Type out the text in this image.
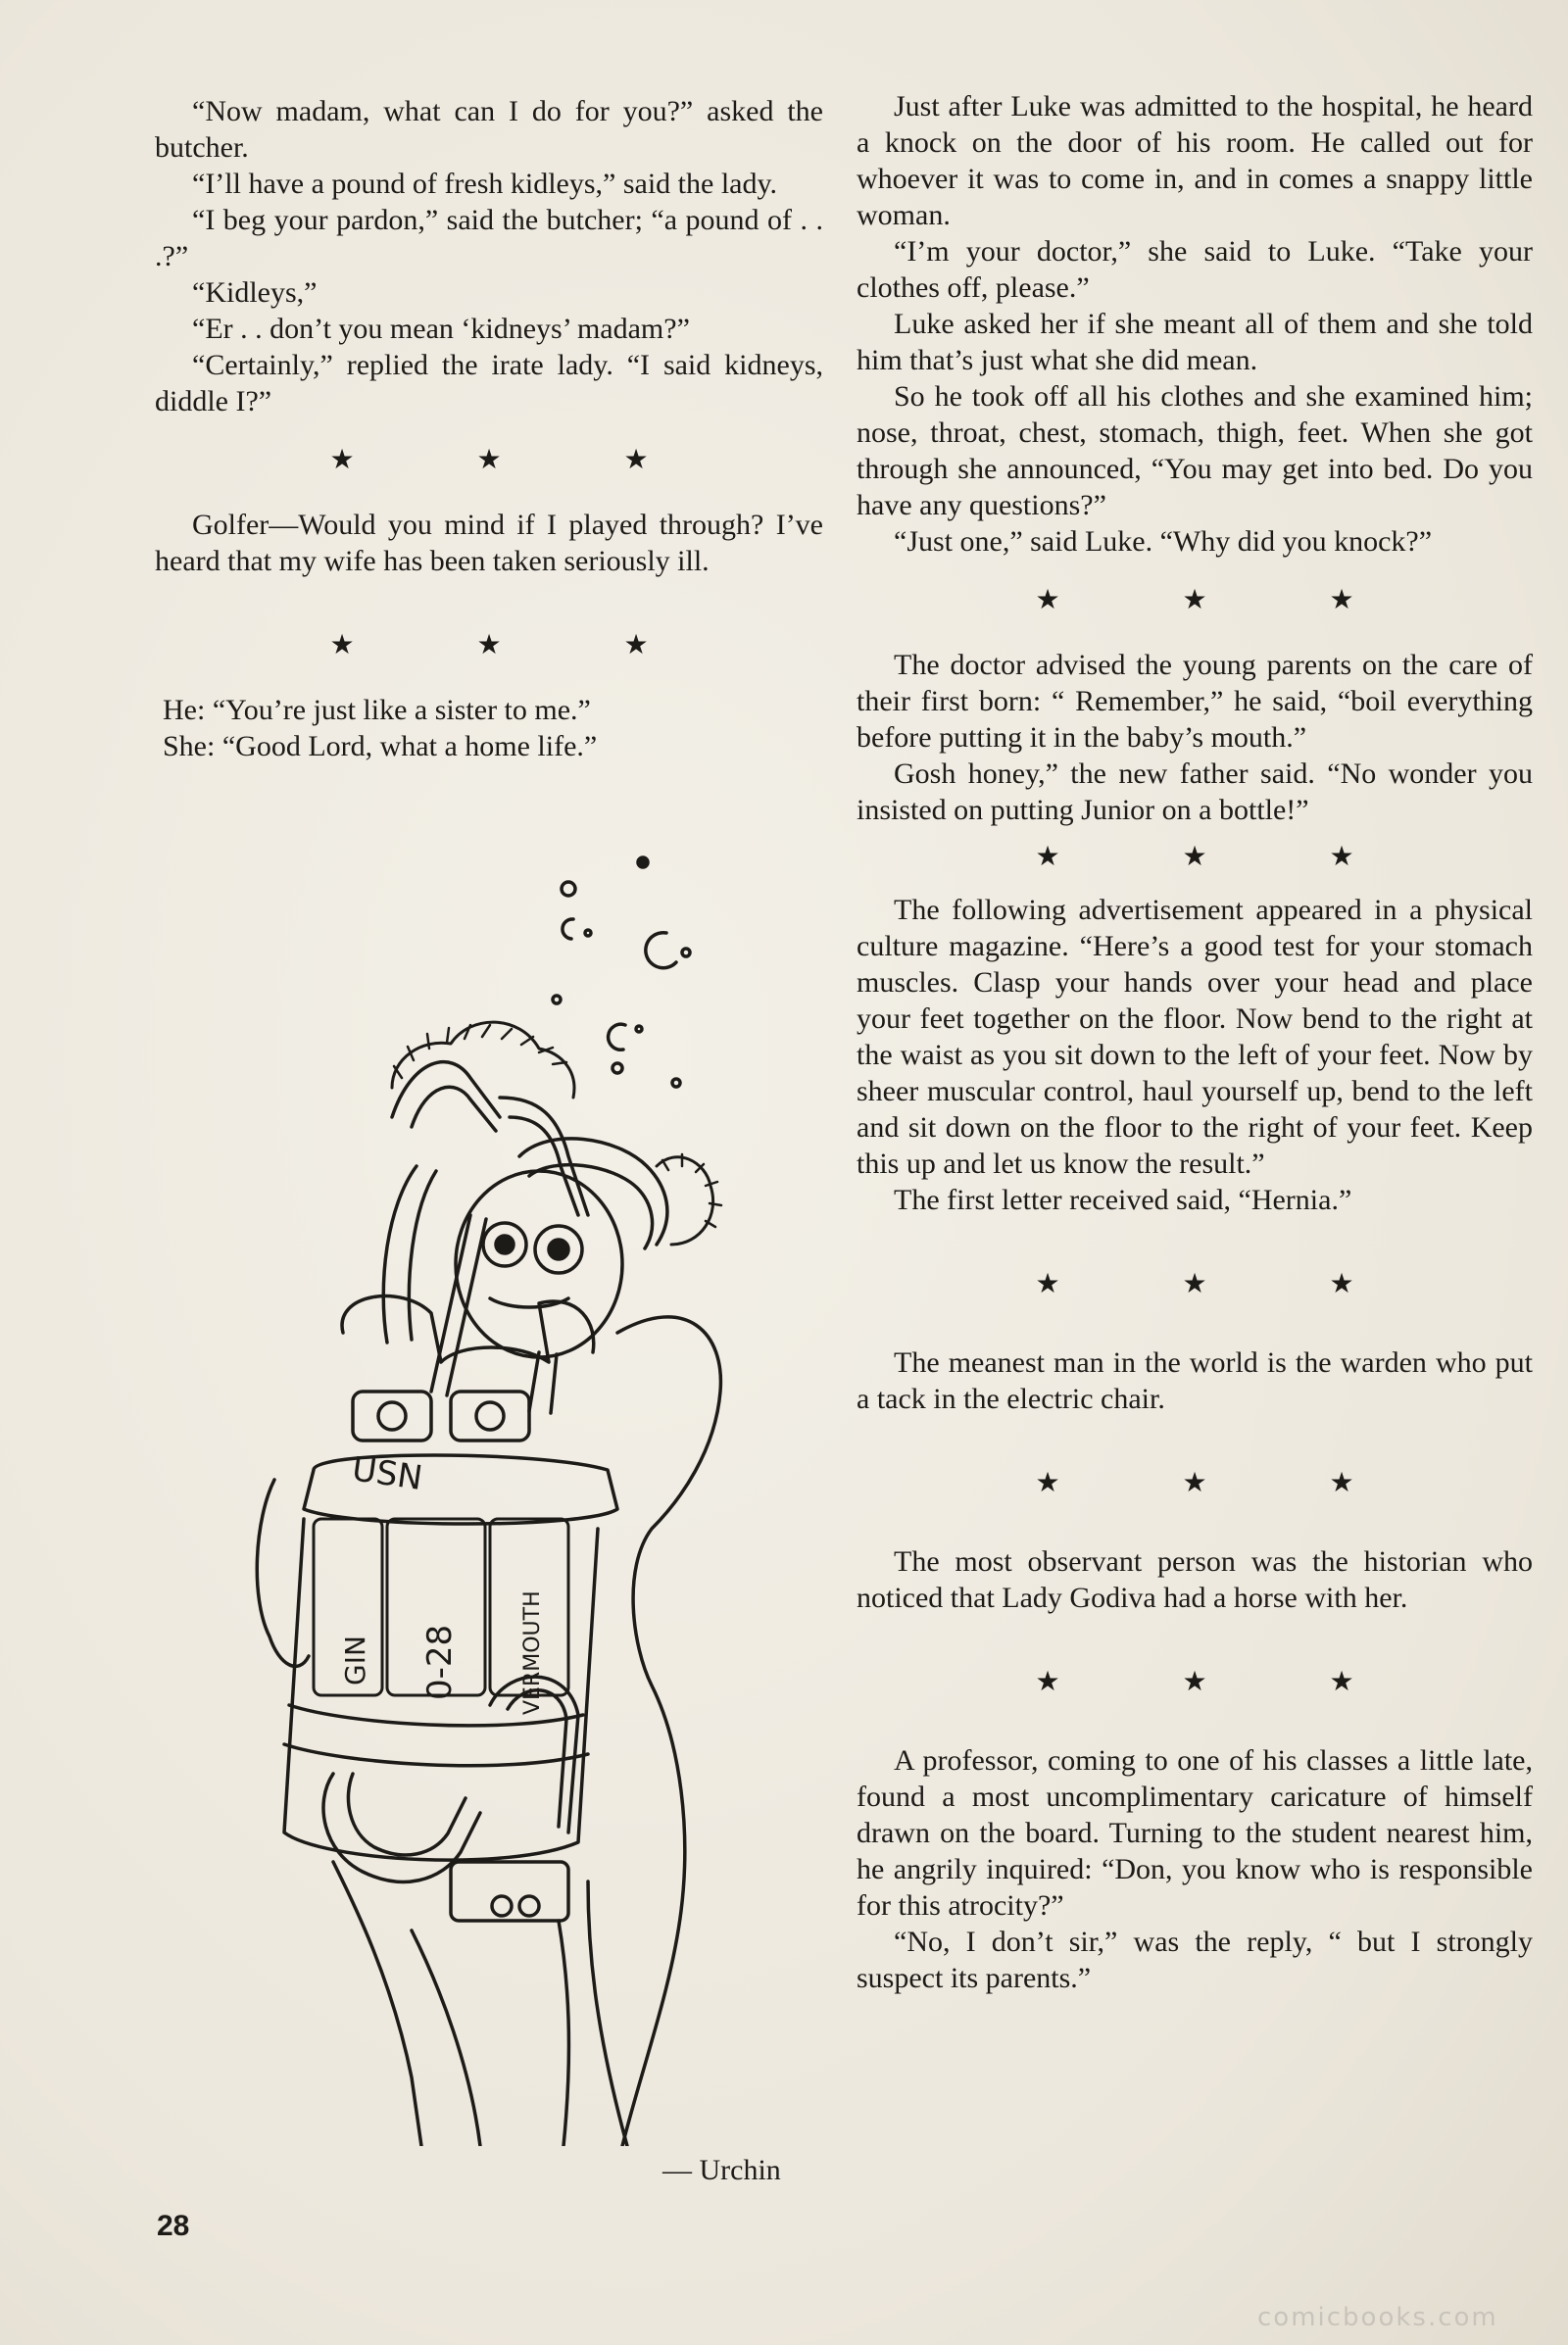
“Now madam, what can I do for you?” asked the butcher.

“I’ll have a pound of fresh kidleys,” said the lady.

“I beg your pardon,” said the butcher; “a pound of . . .?”

“Kidleys,”

“Er . . don’t you mean ‘kidneys’ madam?”

“Certainly,” replied the irate lady. “I said kidneys, diddle I?”

★ ★ ★

Golfer—Would you mind if I played through? I’ve heard that my wife has been taken seriously ill.

★ ★ ★

He: “You’re just like a sister to me.”

She: “Good Lord, what a home life.”

USN
GIN 0-28	VERMOUTH
— Urchin

Just after Luke was admitted to the hospital, he heard a knock on the door of his room. He called out for whoever it was to come in, and in comes a snappy little woman.

“I’m your doctor,” she said to Luke. “Take your clothes off, please.”

Luke asked her if she meant all of them and she told him that’s just what she did mean.

So he took off all his clothes and she examined him; nose, throat, chest, stomach, thigh, feet. When she got through she announced, “You may get into bed. Do you have any questions?”

“Just one,” said Luke. “Why did you knock?”

★ ★ ★

The doctor advised the young parents on the care of their first born: “ Remember,” he said, “boil everything before putting it in the baby’s mouth.”

Gosh honey,” the new father said. “No wonder you insisted on putting Junior on a bottle!”

★ ★ ★

The following advertisement appeared in a physical culture magazine. “Here’s a good test for your stomach muscles. Clasp your hands over your head and place your feet together on the floor. Now bend to the right at the waist as you sit down to the left of your feet. Now by sheer muscular control, haul yourself up, bend to the left and sit down on the floor to the right of your feet. Keep this up and let us know the result.”

The first letter received said, “Hernia.”

★ ★ ★

The meanest man in the world is the warden who put a tack in the electric chair.

★ ★ ★

The most observant person was the historian who noticed that Lady Godiva had a horse with her.

★ ★ ★

A professor, coming to one of his classes a little late, found a most uncomplimentary caricature of himself drawn on the board. Turning to the student nearest him, he angrily inquired: “Don, you know who is responsible for this atrocity?”

“No, I don’t sir,” was the reply, “ but I strongly suspect its parents.”

28
comicbooks.com
